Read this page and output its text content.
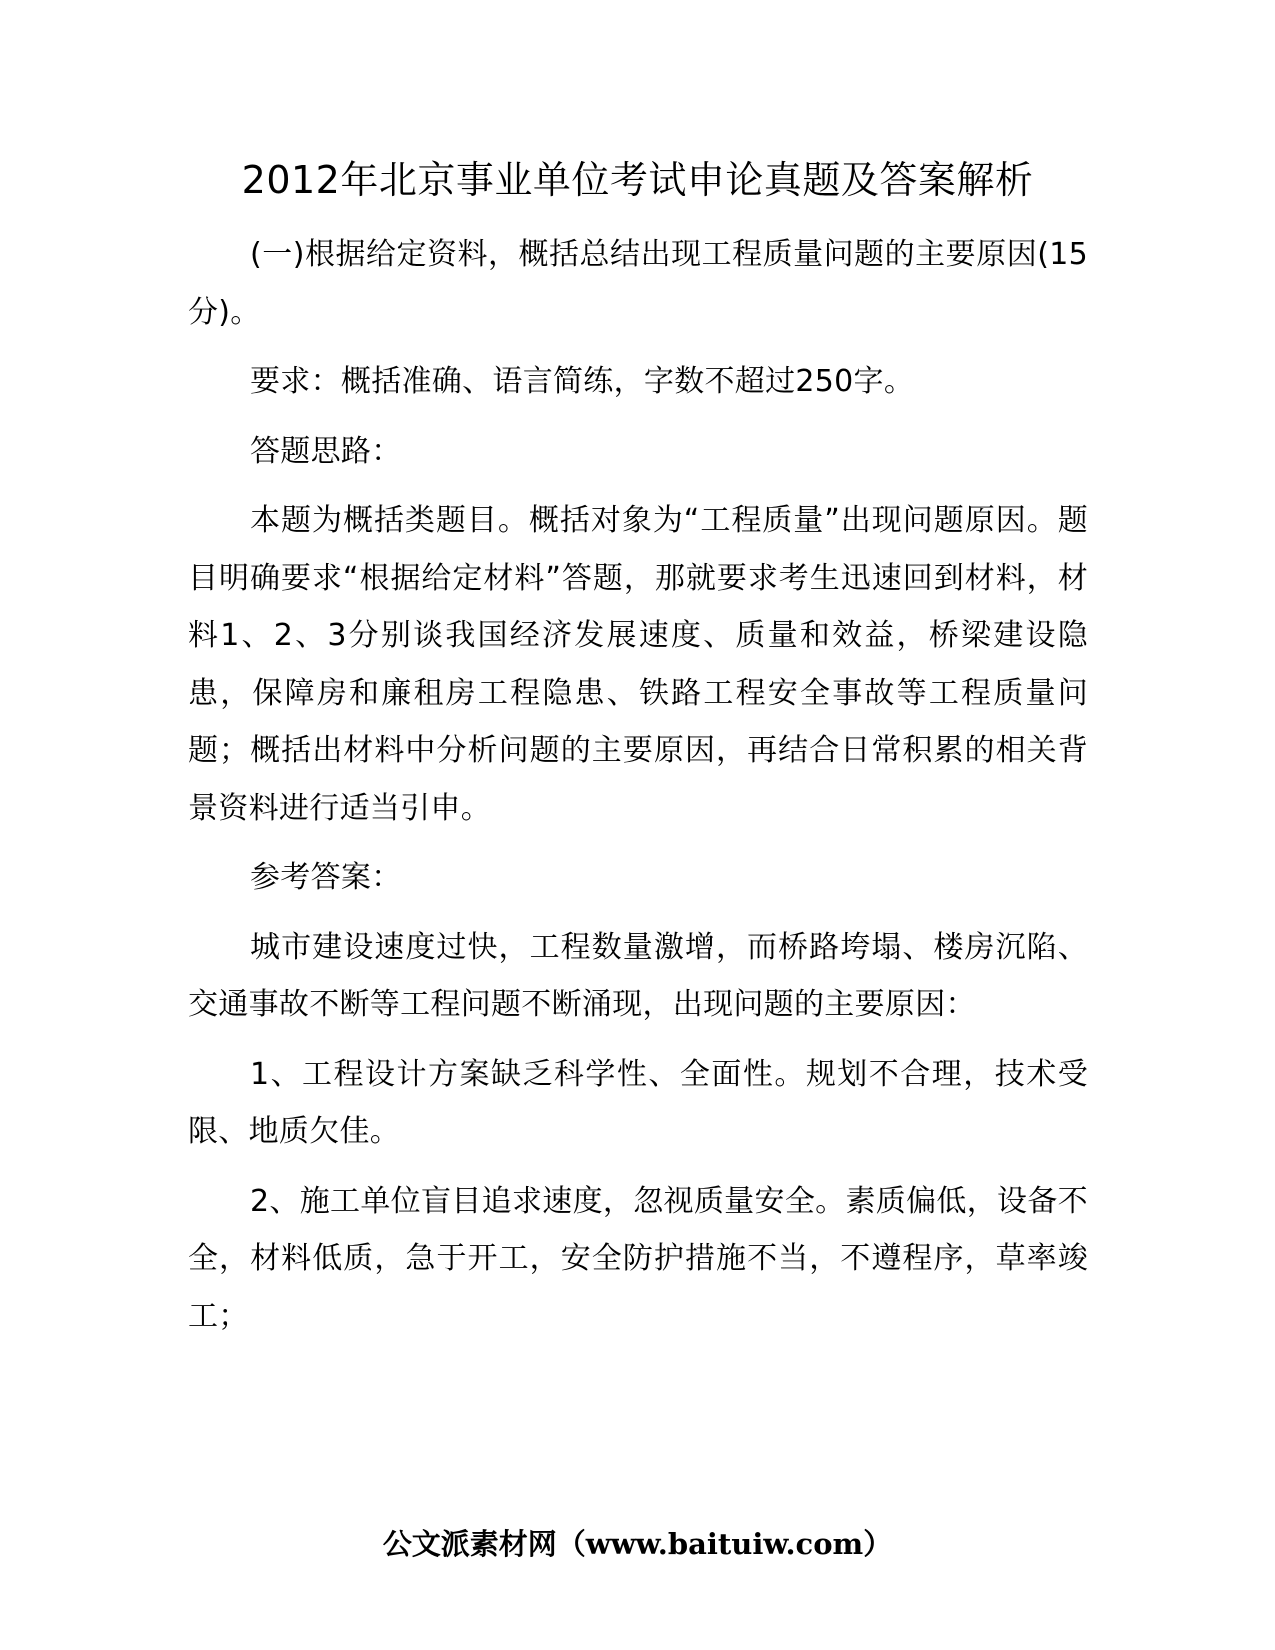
2012年北京事业单位考试申论真题及答案解析

(一)根据给定资料，概括总结出现工程质量问题的主要原因(15分)。

要求：概括准确、语言简练，字数不超过250字。

答题思路：

本题为概括类题目。概括对象为“工程质量”出现问题原因。题目明确要求“根据给定材料”答题，那就要求考生迅速回到材料，材料1、2、3分别谈我国经济发展速度、质量和效益，桥梁建设隐患，保障房和廉租房工程隐患、铁路工程安全事故等工程质量问题；概括出材料中分析问题的主要原因，再结合日常积累的相关背景资料进行适当引申。

参考答案：

城市建设速度过快，工程数量激增，而桥路垮塌、楼房沉陷、交通事故不断等工程问题不断涌现，出现问题的主要原因：

1、工程设计方案缺乏科学性、全面性。规划不合理，技术受限、地质欠佳。

2、施工单位盲目追求速度，忽视质量安全。素质偏低，设备不全，材料低质，急于开工，安全防护措施不当，不遵程序，草率竣工；

公文派素材网（www.baituiw.com）
